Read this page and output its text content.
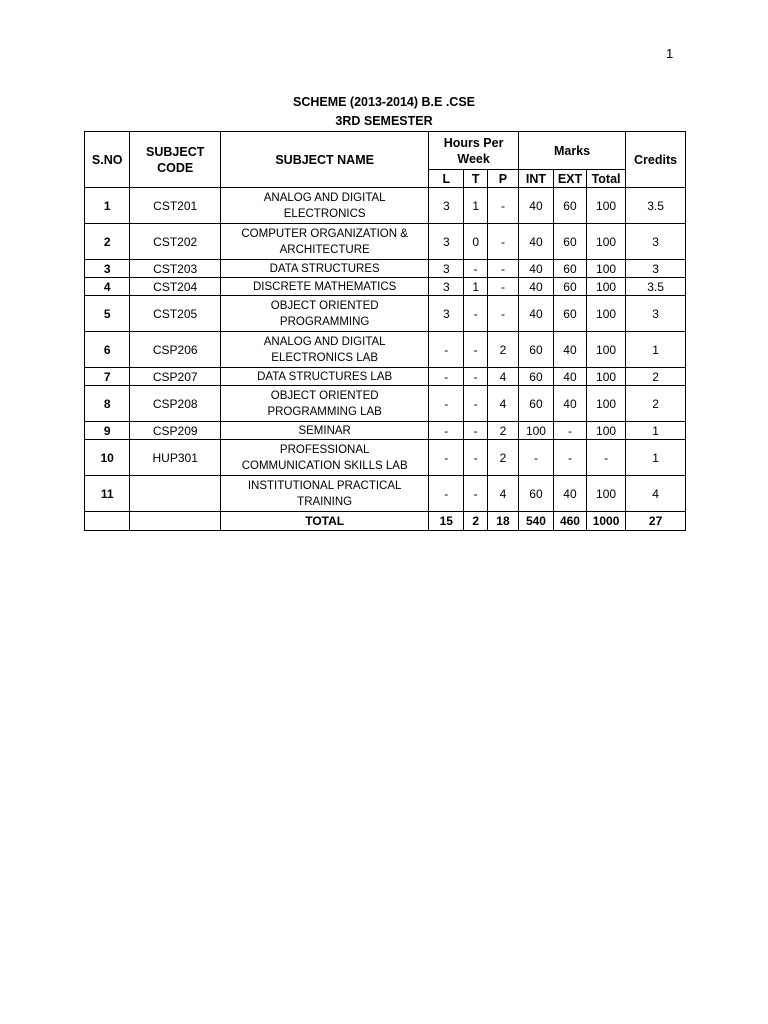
1
SCHEME (2013-2014) B.E .CSE
3RD SEMESTER
S.NO	SUBJECT CODE	SUBJECT NAME	Hours Per Week			Marks			Credits
			L	T	P	INT	EXT	Total	
1	CST201	ANALOG AND DIGITAL
ELECTRONICS	3	1	-	40	60	100	3.5
2	CST202	COMPUTER ORGANIZATION &
ARCHITECTURE	3	0	-	40	60	100	3
3	CST203	DATA STRUCTURES	3	-	-	40	60	100	3
4	CST204	DISCRETE MATHEMATICS	3	1	-	40	60	100	3.5
5	CST205	OBJECT ORIENTED
PROGRAMMING	3	-	-	40	60	100	3
6	CSP206	ANALOG AND DIGITAL
ELECTRONICS LAB	-	-	2	60	40	100	1
7	CSP207	DATA STRUCTURES LAB	-	-	4	60	40	100	2
8	CSP208	OBJECT ORIENTED
PROGRAMMING LAB	-	-	4	60	40	100	2
9	CSP209	SEMINAR	-	-	2	100	-	100	1
10	HUP301	PROFESSIONAL
COMMUNICATION SKILLS LAB	-	-	2	-	-	-	1
11		INSTITUTIONAL PRACTICAL
TRAINING	-	-	4	60	40	100	4
		TOTAL	15	2	18	540	460	1000	27
